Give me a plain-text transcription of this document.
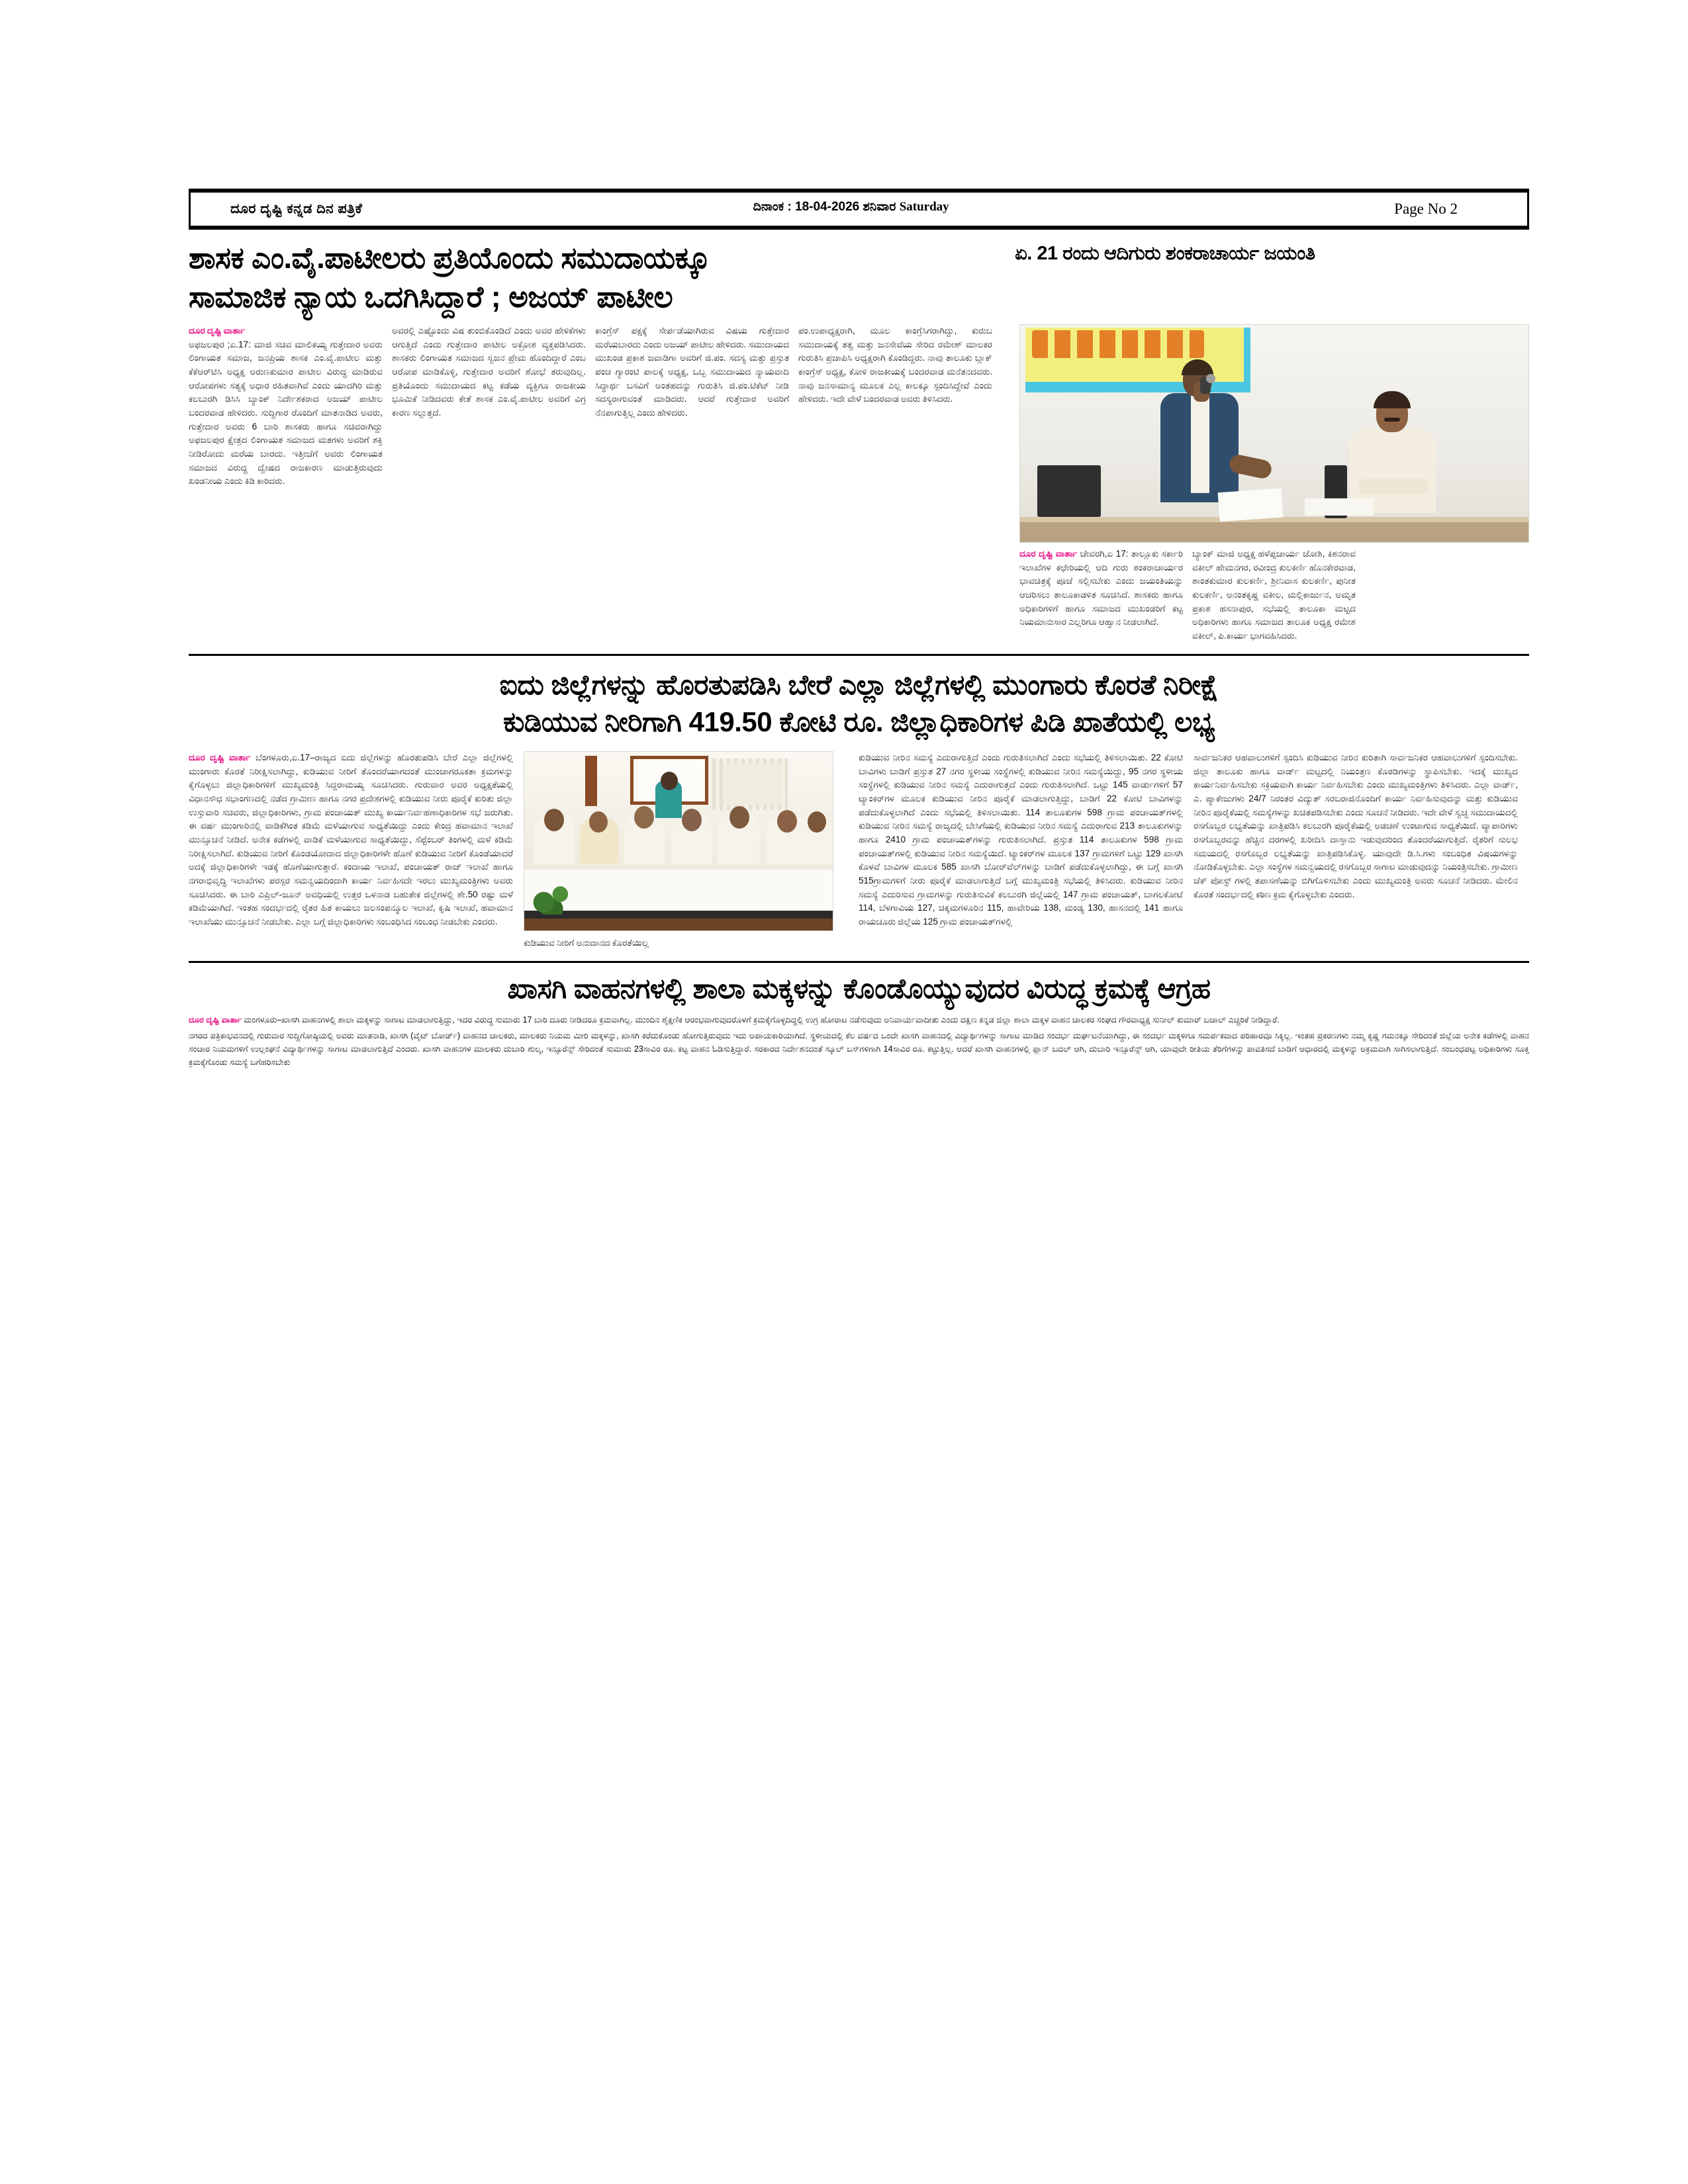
ದೂರ ದೃಷ್ಟಿ ಕನ್ನಡ ದಿನ ಪತ್ರಿಕೆ	ದಿನಾಂಕ : 18-04-2026 ಶನಿವಾರ Saturday	Page No 2
ಶಾಸಕ ಎಂ.ವೈ.ಪಾಟೀಲರು ಪ್ರತಿಯೊಂದು ಸಮುದಾಯಕ್ಕೂ
ಸಾಮಾಜಿಕ ನ್ಯಾಯ ಒದಗಿಸಿದ್ದಾರೆ ; ಅಜಯ್ ಪಾಟೀಲ
ಏ. 21 ರಂದು ಆದಿಗುರು ಶಂಕರಾಚಾರ್ಯ ಜಯಂತಿ
ದೂರ ದೃಷ್ಟಿ ವಾರ್ತಾ
ಅಫಜಲಪುರ ;ಏ.17: ಮಾಜಿ ಸಚಿವ ಮಾಲಿಕಯ್ಯ ಗುತ್ತೇದಾರ ಅವರು ಲಿಂಗಾಯತ ಸಮಾಜ, ಜನಪ್ರಿಯ ಶಾಸಕ ಎಂ.ವೈ.ಪಾಟೀಲ ಮತ್ತು ಕೆಕೆಆರ್‌ಟಿಸಿ ಅಧ್ಯಕ್ಷ ಅರುಣಕುಮಾರ ಪಾಟೀಲ ವಿರುದ್ಧ ಮಾಡಿರುವ ಆರೋಪಗಳು ಸತ್ಯಕ್ಕೆ ಅಧಾರ ರಹಿತವಾಗಿವೆ ಎಂದು ಯಾದಗಿರಿ ಮತ್ತು ಕಲಬುರಗಿ ಡಿಸಿಸಿ ಬ್ಯಾಂಕ್ ನಿರ್ದೇಶಕರಾದ ಅಜಯ್ ಪಾಟೀಲ ಬಂದರವಾಡ ಹೇಳಿದರು. ಸುದ್ದಿಗಾರ ರೊಂದಿಗೆ ಮಾತನಾಡಿದ ಅವರು, ಗುತ್ತೇದಾರ ಅವರು 6 ಬಾರಿ ಶಾಸಕರು ಹಾಗೂ ಸಚಿವರಾಗಿದ್ದು ಅಫಜಲಪುರ ಕ್ಷೇತ್ರದ ಲಿಂಗಾಯತ ಸಮಾಜದ ಮತಗಳು ಅವರಿಗೆ ಶಕ್ತಿ ನೀಡಿರೋದು ಮರೆಯ ಬಾರದು. ಇತ್ತೀಚೆಗೆ ಅವರು ಲಿಂಗಾಯತ ಸಮಾಜದ ವಿರುದ್ಧ ದ್ವೇಷದ ರಾಜಕಾರಣ ಮಾಡುತ್ತಿರುವುದು ಖಂಡನೀಯ ಎಂದು ಕಿಡಿ ಕಾರಿದರು.
ಅವರಲ್ಲಿ ಎಷ್ಟೊಂದು ವಿಷ ತುಂಬಿಕೊಂಡಿದೆ ಎಂದು ಅವರ ಹೇಳಿಕೆಗಳು ಆಗುತ್ತಿದೆ ಎಂದು ಗುತ್ತೇದಾರ ಪಾಟೀಲ ಅಕ್ರೋಶ ವ್ಯಕ್ತಪಡಿಸಿದರು. ಶಾಸಕರು ಲಿಂಗಾಯತ ಸಮಾಜದ ಸ್ವಜನ ಪ್ರೇಮ ಹೊಂದಿದ್ದಾರೆ ಎಂಬ ಆರೋಪ ಮಾಡಿಕೊಳ್ಳಿ, ಗುತ್ತೇದಾರ ಅವರಿಗೆ ಶೋಭೆ ತರುವುದಿಲ್ಲ. ಪ್ರತಿಯೊಂದು ಸಮುದಾಯದ ಕಟ್ಟ ಕಡೆಯ ವ್ಯಕ್ತಿಗೂ ರಾಜಕೀಯ ಭೂಮಿಕೆ ನೀಡಿದವರು ಕೇತೆ ಶಾಸಕ ಎಂ.ವೈ.ಪಾಟೀಲ ಅವರಿಗೆ ವಿಗ್ರ ಕಾರಣ ಸಲ್ಲುತ್ತದೆ.
ಕಾಂಗ್ರೆಸ್ ಪಕ್ಷಕ್ಕೆ ಸೇರ್ಪಡೆಯಾಗಿರುವ ವಿಷಯ ಗುತ್ತೇದಾರ ಮರೆಯಬಾರದು ಎಂದು ಅಜಯ್ ಪಾಟೀಲ ಹೇಳಿದರು. ಸಮುದಾಯದ ಮುಖಂಡ ಪ್ರಕಾಶ ಜವಾಡಿಗಾ ಅವರಿಗೆ ಜಿ.ಪಂ. ಸದಸ್ಯ ಮತ್ತು ಪ್ರಸ್ತುತ ಪಂಚ ಗ್ಯಾರಂಟಿ ಪಾಲಕ್ಕೆ ಅಧ್ಯಕ್ಷ, ಒಬ್ಬ ಸಮುದಾಯದ ನ್ಯಾಯವಾದಿ ಸಿದ್ಧಾರ್ಥ ಬಸವಿಗೆ ಅಂತಹದನ್ನು ಗುರುತಿಸಿ ಜಿ.ಪಂ.ಟಿಕೆಟ್ ನೀಡಿ ಸದಸ್ಯರಾಗುವಂತೆ ಮಾಡಿದರು. ಆದರೆ ಗುತ್ತೇದಾರ ಅವರಿಗೆ ನೆನಪಾಗುತ್ತಿಲ್ಲ ಎಂದು ಹೇಳಿದರು.
ಪಂ.ಉಪಾಧ್ಯಕ್ಷರಾಗಿ, ಮೂಲ ಕಾಂಗ್ರೆಸಿಗರಾಗಿದ್ದು, ಕುರುಬ ಸಮುದಾಯಕ್ಕೆ ತತ್ವ ಮತ್ತು ಜನಸೇವೆಯ ಸೇರಿದ ರಮೇಶ್ ಮಾಲಕರ ಗುರುತಿಸಿ ಪ್ರಜಾಪಿಸಿ ಅಧ್ಯಕ್ಷರಾಗಿ ಕೊಂಡಿದ್ದರು. ನಾವು ತಾಲೂಕು ಬ್ಲಾಕ್ ಕಾಂಗ್ರೆಸ್ ಅಧ್ಯಕ್ಷ, ಕೋಳಿ ರಾಜಕೀಯಕ್ಕೆ ಬಂದರವಾಡ ಮನೆತನದವರು. ನಾವು ಜನಸಾಮಾನ್ಯ ಮೂಲಕ ಎಲ್ಲ ಕಾಲಕ್ಕೂ ಸ್ಪಂದಿಸಿದ್ದೇವೆ ಎಂದು ಹೇಳಿದರು. ಇದೇ ವೇಳೆ ಬಂದರವಾಡ ಅವರು ತಿಳಿಸಿದರು.
ದೂರ ದೃಷ್ಟಿ ವಾರ್ತಾ ಚೇವರಗಿ,ಏ 17: ತಾಲ್ಲೂಕು ಸರ್ಕಾರಿ ಇಲಾಖೆಗಳ ಕಛೇರಿಯಲ್ಲಿ ಆದಿ ಗುರು ಶಂಕರಾಚಾರ್ಯರ ಭಾವಚಿತ್ರಕ್ಕೆ ಪೂಜೆ ಸಲ್ಲಿಸಬೇಕು ಎಂದು ಜಯಂತಿಯನ್ನು ಆಚರಿಸಲು ತಾಲೂಕಾಡಳಿತ ಸೂಚಿಸಿದೆ. ಶಾಸಕರು ಹಾಗೂ ಅಧಿಕಾರಿಗಳಿಗೆ ಹಾಗೂ ಸಮಾಜದ ಮುಖಂಡರಿಗೆ ಕಟ್ಟ ನಿಯಮಾನುಸಾರ ಎಲ್ಲರಿಗೂ ಆಹ್ವಾನ ನೀಡಲಾಗಿದೆ.
ಬ್ಯಾಂಕ್ ಮಾಜಿ ಅಧ್ಯಕ್ಷ ಹಳೆಪ್ಪಚಾರ್ಯ ಜೋಶಿ, ಕಿಶನರಾವ ವಕೀಲ್ ಹೇಮನಗರ, ರವೀಂದ್ರ ಕುಲಕರ್ಣಿ ಹೊನಕೇರವಾಡ, ಶಾಂತಕುಮಾರ ಕುಲಕರ್ಣಿ, ಶ್ರೀನಿವಾಸ ಕುಲಕರ್ಣಿ, ಪುನೀತ ಕುಲಕರ್ಣಿ, ಅನಂತಕೃಷ್ಣ ವಕೀಲ, ಮಲ್ಲಿಕಾರ್ಜುನ, ಅಮೃತ ಪ್ರಕಾಶ ಹಸನಾಪುರ, ಸಭೆಯಲ್ಲಿ ತಾಲೂಕಾ ಮಟ್ಟದ ಅಧಿಕಾರಿಗಳು ಹಾಗೂ ಸಮಾಜದ ತಾಲೂಕ ಅಧ್ಯಕ್ಷ ರಮೇಶ ವಕೀಲ್, ಪಿ.ಕಾರ್ಯ ಭಾಗವಹಿಸಿದರು.
ಐದು ಜಿಲ್ಲೆಗಳನ್ನು ಹೊರತುಪಡಿಸಿ ಬೇರೆ ಎಲ್ಲಾ ಜಿಲ್ಲೆಗಳಲ್ಲಿ ಮುಂಗಾರು ಕೊರತೆ ನಿರೀಕ್ಷೆ
ಕುಡಿಯುವ ನೀರಿಗಾಗಿ 419.50 ಕೋಟಿ ರೂ. ಜಿಲ್ಲಾಧಿಕಾರಿಗಳ ಪಿಡಿ ಖಾತೆಯಲ್ಲಿ ಲಭ್ಯ
ದೂರ ದೃಷ್ಟಿ ವಾರ್ತಾ ಬೆಂಗಳೂರು,ಏ.17–ರಾಜ್ಯದ ಐದು ಜಿಲ್ಲೆಗಳನ್ನು ಹೊರತುಪಡಿಸಿ ಬೇರೆ ಎಲ್ಲಾ ಜಿಲ್ಲೆಗಳಲ್ಲಿ ಮುಂಗಾರು ಕೊರತೆ ನಿರೀಕ್ಷಿಸಲಾಗಿದ್ದು, ಕುಡಿಯುವ ನೀರಿಗೆ ತೊಂದರೆಯಾಗದಂತೆ ಮುಂಜಾಗರೂಕತಾ ಕ್ರಮಗಳನ್ನು ಕೈಗೊಳ್ಳಲು ಜಿಲ್ಲಾಧಿಕಾರಿಗಳಿಗೆ ಮುಖ್ಯಮಂತ್ರಿ ಸಿದ್ದರಾಮಯ್ಯ ಸೂಚಿಸಿದರು. ಗುರುವಾರ ಅವರ ಅಧ್ಯಕ್ಷತೆಯಲ್ಲಿ ವಿಧಾನಸೌಧ ಸಭಾಂಗಣದಲ್ಲಿ ನಡೆದ ಗ್ರಾಮೀಣ ಹಾಗೂ ನಗರ ಪ್ರದೇಶಗಳಲ್ಲಿ ಕುಡಿಯುವ ನೀರು ಪೂರೈಕೆ ಕುರಿತು ಜಿಲ್ಲಾ ಉಸ್ತುವಾರಿ ಸಚಿವರು, ಜಿಲ್ಲಾಧಿಕಾರಿಗಳು, ಗ್ರಾಮ ಪಂಚಾಯತ್ ಮುಖ್ಯ ಕಾರ್ಯನಿರ್ವಹಣಾಧಿಕಾರಿಗಳ ಸಭೆ ಜರುಗಿತು. ಈ ವರ್ಷ ಮುಂಗಾರಿನಲ್ಲಿ ವಾಡಿಕೆಗಿಂತ ಕಡಿಮೆ ಮಳೆಯಾಗುವ ಸಾಧ್ಯತೆಯಿದ್ದು ಎಂದು ಕೇಂದ್ರ ಹವಾಮಾನ ಇಲಾಖೆ ಮುನ್ಸೂಚನೆ ನೀಡಿದೆ. ಅನೇಕ ಕಡೆಗಳಲ್ಲಿ ವಾಡಿಕೆ ಮಳೆಯಾಗುವ ಸಾಧ್ಯತೆಯಿದ್ದು, ಸೆಪ್ಟೆಂಬರ್ ತಿಂಗಳಲ್ಲಿ ಮಳೆ ಕಡಿಮೆ ನಿರೀಕ್ಷಿಸಲಾಗಿದೆ. ಕುಡಿಯುವ ನೀರಿಗೆ ಕೊಂಡಯೋದಾದ ಜಿಲ್ಲಾಧಿಕಾರಿಗಳೇ ಹೊಣೆ ಕುಡಿಯುವ ನೀರಿಗೆ ಕೊಂಡೆಯಾದರೆ ಅದಕ್ಕೆ ಜಿಲ್ಲಾಧಿಕಾರಿಗಳೇ ಇಡಕ್ಕೆ ಹೊಣೆಯಾಗುತ್ತಾರೆ. ಕಂದಾಯ ಇಲಾಖೆ, ಪಂಚಾಯತ್ ರಾಜ್ ಇಲಾಖೆ ಹಾಗೂ ನಗರಾಭಿವೃದ್ಧಿ ಇಲಾಖೆಗಳು ಪರಸ್ಪರ ಸಮನ್ವಯದಿಂದಾಗಿ ಕಾರ್ಯ ನಿರ್ವಹಿಸದೇ ಇರಲು ಮುಖ್ಯಮಂತ್ರಿಗಳು ಅವರು ಸೂಚಿಸಿದರು. ಈ ಬಾರಿ ಎಪ್ರಿಲ್-ಜೂನ್ ಅವಧಿಯಲ್ಲಿ ಉತ್ತರ ಒಳನಾಡ ಬಹುತೇಕ ಜಿಲ್ಲೆಗಳಲ್ಲಿ ಶೇ.50 ರಷ್ಟು ಮಳೆ ಕಡಿಮೆಯಾಗಿದೆ. ಇಂತಹ ಸಂದರ್ಭದಲ್ಲಿ ರೈತರ ಹಿತ ಕಾಯಲು ಜಲಸಂಪನ್ಮೂಲ ಇಲಾಖೆ, ಕೃಷಿ ಇಲಾಖೆ, ಹವಾಮಾನ ಇಲಾಖೆಯು ಮುನ್ಸೂಚನೆ ನೀಡಬೇಕು. ಎಲ್ಲಾ ಬಗ್ಗೆ ಜಿಲ್ಲಾಧಿಕಾರಿಗಳು ಸಂಬಂಧಿಸಿದ ಸಂಬಂಧ ನೀಡಬೇಕು ಎಂದರು.
ಕುಡಿಯುವ ನೀರಿಗೆ ಅನುದಾನದ ಕೊರತೆಯಿಲ್ಲ
ಕುಡಿಯುವ ನೀರಿನ ಸಮಸ್ಯೆ ಎದುರಾಗುತ್ತಿದೆ ಎಂದು ಗುರುತಿಸಲಾಗಿದೆ ಎಂದು ಸಭೆಯಲ್ಲಿ ತಿಳಿಸಲಾಯಿತು. 22 ಕೋಟಿ ಬಾವಿಗಳು ಬಾಡಿಗೆ ಪ್ರಸ್ತುತ 27 ನಗರ ಸ್ಥಳೀಯ ಸಂಸ್ಥೆಗಳಲ್ಲಿ ಕುಡಿಯುವ ನೀರಿನ ಸಮಸ್ಯೆಯಿದ್ದು, 95 ನಗರ ಸ್ಥಳೀಯ ಸಂಸ್ಥೆಗಳಲ್ಲಿ ಕುಡಿಯುವ ನೀರಿನ ಸಮಸ್ಯೆ ಎದುರಾಗುತ್ತದೆ ಎಂದು ಗುರುತಿಸಲಾಗಿದೆ. ಒಟ್ಟು 145 ವಾರ್ಡುಗಳಿಗೆ 57 ಟ್ಯಾಂಕರ್‌ಗಳ ಮೂಲಕ ಕುಡಿಯುವ ನೀರಿನ ಪೂರೈಕೆ ಮಾಡಲಾಗುತ್ತಿದ್ದು, ಬಾಡಿಗೆ 22 ಕೋಟಿ ಬಾವಿಗಳನ್ನು ಪಡೆದುಕೊಳ್ಳಲಾಗಿದೆ ಎಂದು ಸಭೆಯಲ್ಲಿ ತಿಳಿಸಲಾಯಿತು. 114 ತಾಲೂಕುಗಳ 598 ಗ್ರಾಮ ಪಂಚಾಯತ್‌ಗಳಲ್ಲಿ ಕುಡಿಯುವ ನೀರಿನ ಸಮಸ್ಯೆ ರಾಜ್ಯದಲ್ಲಿ ಬೇಸಿಗೆಯಲ್ಲಿ ಕುಡಿಯುವ ನೀರಿನ ಸಮಸ್ಯೆ ಎದುರಾಗುವ 213 ತಾಲೂಕುಗಳನ್ನು ಹಾಗೂ 2410 ಗ್ರಾಮ ಪಂಚಾಯತ್‌ಗಳನ್ನು ಗುರುತಿಸಲಾಗಿದೆ. ಪ್ರಸ್ತುತ 114 ತಾಲೂಕುಗಳ 598 ಗ್ರಾಮ ಪಂಚಾಯತ್‌ಗಳಲ್ಲಿ ಕುಡಿಯುವ ನೀರಿನ ಸಮಸ್ಯೆಯಿದೆ. ಟ್ಯಾಂಕರ್‌ಗಳ ಮೂಲಕ 137 ಗ್ರಾಮಗಳಿಗೆ ಒಟ್ಟು 129 ಖಾಸಗಿ ಕೊಳವೆ ಬಾವಿಗಳ ಮೂಲಕ 585 ಖಾಸಗಿ ಬೋರ್‌ವೆಲ್‌ಗಳನ್ನು ಬಾಡಿಗೆ ಪಡೆದುಕೊಳ್ಳಲಾಗಿದ್ದು, ಈ ಬಗ್ಗೆ ಖಾಸಗಿ 515ಗ್ರಾಮಗಳಿಗೆ ನೀರು ಪೂರೈಕೆ ಮಾಡಲಾಗುತ್ತಿದೆ ಬಗ್ಗೆ ಮುಖ್ಯಮಂತ್ರಿ ಸಭೆಯಲ್ಲಿ ತಿಳಿಸಿದರು. ಕುಡಿಯುವ ನೀರಿನ ಸಮಸ್ಯೆ ಎದುರಿಸುವ ಗ್ರಾಮಗಳನ್ನು ಗುರುತಿಸುವಿಕೆ ಕಲಬುರಗಿ ಜಿಲ್ಲೆಯಲ್ಲಿ 147 ಗ್ರಾಮ ಪಂಚಾಯತ್, ಬಾಗಲಕೋಟೆ 114, ಬೆಳಗಾವಿಯ 127, ಚಿಕ್ಕಮಗಳೂರಿನ 115, ಹಾವೇರಿಯ 138, ಮಂಡ್ಯ 130, ಹಾಸನದಲ್ಲಿ 141 ಹಾಗೂ ರಾಯಚೂರು ಜಿಲ್ಲೆಯ 125 ಗ್ರಾಮ ಪಂಚಾಯತ್‌ಗಳಲ್ಲಿ
ಸಾರ್ವಜನಿಕರ ಆಹವಾಲುಗಳಿಗೆ ಸ್ಪಂದಿಸಿ ಕುಡಿಯುವ ನೀರಿನ ಕುರಿತಾಗಿ ಸಾರ್ವಜನಿಕರ ಆಹವಾಲುಗಳಿಗೆ ಸ್ಪಂದಿಸಬೇಕು. ಜಿಲ್ಲಾ ತಾಲೂಕು ಹಾಗೂ ವಾರ್ಡ್ ಮಟ್ಟದಲ್ಲಿ ನಿಯಂತ್ರಣ ಕೊಠಡಿಗಳನ್ನು ಸ್ಥಾಪಿಸಬೇಕು. ಇದಕ್ಕೆ ಮುಖ್ಯದ ಕಾರ್ಯನಿರ್ವಹಿಸಬೇಕು ಸಕ್ರಿಯವಾಗಿ ಕಾರ್ಯ ನಿರ್ವಹಿಸಬೇಕು ಎಂದು ಮುಖ್ಯಮಂತ್ರಿಗಳು ತಿಳಿಸಿದರು. ಎಲ್ಲಾ ವಾರ್ಡ್, ಎ. ಪ್ಯಾಕೇಜುಗಳು 24/7 ನಿರಂತರ ವಿದ್ಯುತ್ ಸರಬರಾಜಿನೊಂದಿಗೆ ಕಾರ್ಯ ನಿರ್ವಹಿಸುವುದನ್ನು ಮತ್ತು ಕುಡಿಯುವ ನೀರಿನ ಪೂರೈಕೆಯಲ್ಲಿ ಸಮಸ್ಯೆಗಳನ್ನು ಖಚಿತಪಡಿಸಬೇಕು ಎಂದು ಸೂಚನೆ ನೀಡಿದರು. ಇದೇ ವೇಳೆ ಸ್ವಚ್ಛ ಸಮುದಾಯದಲ್ಲಿ ರಸಗೊಬ್ಬರ ಲಭ್ಯತೆಯನ್ನು ಖಾತ್ರಿಪಡಿಸಿ ಕಲಬುರಗಿ ಪೂರೈಕೆಯಲ್ಲಿ ಅಡಚಣೆ ಉಂಟಾಗುವ ಸಾಧ್ಯತೆಯಿದೆ. ವ್ಯಾಪಾರಿಗಳು ರಸಗೊಬ್ಬರವನ್ನು ಹೆಚ್ಚಿನ ದರಗಳಲ್ಲಿ ಖರೀದಿಸಿ ದಾಸ್ತಾನು ಇಡುವುದರಿಂದ ತೊಂದರೆಯಾಗುತ್ತಿದೆ. ರೈತರಿಗೆ ಸುಲಭ ಸಮಯದಲ್ಲಿ ರಸಗೊಬ್ಬರ ಲಭ್ಯತೆಯನ್ನು ಖಾತ್ರಿಪಡಿಸಿಕೊಳ್ಳಿ. ಯಾವುದೇ ಡಿ.ಸಿ.ಗಳು ಸಂಬಂಧಿತ ವಿಷಯಗಳನ್ನು ನೋಡಿಕೊಳ್ಳಬೇಕು. ಎಲ್ಲಾ ಸಂಸ್ಥೆಗಳ ಸಮನ್ವಯದಲ್ಲಿ ರಸಗೊಬ್ಬರ ಸಾಗಾಟ ಮಾಡುವುದನ್ನು ನಿಯಂತ್ರಿಸಬೇಕು. ಗ್ರಾಮೀಣ ಚೆಕ್ ಪೋಸ್ಟ್ ಗಳಲ್ಲಿ ತಪಾಸಣೆಯನ್ನು ಬಿಗಿಗೊಳಿಸಬೇಕು ಎಂದು ಮುಖ್ಯಮಂತ್ರಿ ಅವರು ಸೂಚನೆ ನೀಡಿದರು. ಮೇಲಿನ ಕೊರತೆ ಸಂದರ್ಭದಲ್ಲಿ ಕಠಿಣ ಕ್ರಮ ಕೈಗೊಳ್ಳಬೇಕು ಎಂದರು.
ಖಾಸಗಿ ವಾಹನಗಳಲ್ಲಿ ಶಾಲಾ ಮಕ್ಕಳನ್ನು ಕೊಂಡೊಯ್ಯುವುದರ ವಿರುದ್ಧ ಕ್ರಮಕ್ಕೆ ಆಗ್ರಹ

ದೂರ ದೃಷ್ಟಿ ವಾರ್ತಾ ಮಂಗಳೂರು–ಖಾಸಗಿ ವಾಹನಗಳಲ್ಲಿ ಶಾಲಾ ಮಕ್ಕಳನ್ನು ಸಾಗಾಟ ಮಾಡಲಾಗುತ್ತಿದ್ದು, ಇದರ ವಿರುದ್ಧ ಸುಮಾರು 17 ಬಾರಿ ದೂರು ನೀಡಿದರೂ ಕ್ರಮವಾಗಿಲ್ಲ. ಮುಂದಿನ ಶೈಕ್ಷಣಿಕ ಆರಂಭವಾಗುವುದರೊಳಗೆ ಕ್ರಮಕ್ಕೆಗೊಳ್ಳದಿದ್ದಲ್ಲಿ ಉಗ್ರ ಹೋರಾಟ ನಡೆಸುವುದು ಅನಿವಾರ್ಯವಾದೀತು ಎಂದು ದಕ್ಷಿಣ ಕನ್ನಡ ಜಿಲ್ಲಾ ಶಾಲಾ ಮಕ್ಕಳ ವಾಹನ ಚಾಲಕರ ಸಂಘದ ಗೌರವಾಧ್ಯಕ್ಷ ಸುನೀಲ್ ಕುಮಾರ್ ಬಜಾಲ್ ಎಚ್ಚರಿಕೆ ನೀಡಿದ್ದಾರೆ.

ನಗರದ ಪತ್ರಿಕಾಭವನದಲ್ಲಿ ಗುರುವಾರ ಸುದ್ದಿಗೋಷ್ಠಿಯಲ್ಲಿ ಅವರು ಮಾತನಾಡಿ, ಖಾಸಗಿ (ವೈಟ್ ಬೋರ್ಡ್) ವಾಹನದ ಚಾಲಕರು, ಮಾಲಕರು ನಿಯಮ ಮೀರಿ ಮಕ್ಕಳನ್ನು, ಖಾಸಗಿ ಕರೆದುಕೊಂಡು ಹೋಗುತ್ತಿರುವುದು ಇದು ಅಪಾಯಕಾರಿಯಾಗಿದೆ. ಸ್ಥಳೀಯದಲ್ಲಿ ಕೆಲ ವರ್ಷದ ಒಂದೇ ಖಾಸಗಿ ವಾಹನದಲ್ಲಿ ವಿದ್ಯಾರ್ಥಿಗಳನ್ನು ಸಾಗಾಟ ಮಾಡಿದ ಸಂದರ್ಭ ದುರ್ಘಟನೆಯಾಗಿದ್ದು, ಈ ಸಂದರ್ಭ ಮಕ್ಕಳಿಗೂ ಸಮರ್ಪಕವಾದ ಪರಿಹಾರವೂ ಸಿಕ್ಕಿಲ್ಲ. ಇಂತಹ ಪ್ರಕರಣಗಳು ನಮ್ಮ ಕೃಷ್ಣ ಗಮನಕ್ಕೂ ಸೇರಿದಂತೆ ಜಿಲ್ಲೆಯ ಅನೇಕ ಕಡೆಗಳಲ್ಲಿ ವಾಹನ ಸಂಚಾರ ನಿಯಮಗಳಿಗೆ ಉಲ್ಲಂಘನೆ ವಿದ್ಯಾರ್ಥಿಗಳನ್ನು ಸಾಗಾಟ ಮಾಡಲಾಗುತ್ತಿದೆ ಎಂದರು. ಖಾಸಗಿ ವಾಹನಗಳ ಮಾಲಕರು ದುಬಾರಿ ಶುಲ್ಕ, ಇನ್ಸೂರೆನ್ಸ್ ಸೇರಿದಂತೆ ಸುಮಾರು 23ಸಾವಿರ ರೂ. ಕಟ್ಟ ವಾಹನ ಓಡಿಸುತ್ತಿದ್ದಾರೆ. ಸರಕಾರದ ನಿರ್ದೇಶನದಂತೆ ಸ್ಕೂಲ್ ಬಸ್‌ಗಳಿಗಾಗಿ 14ಸಾವಿರ ರೂ. ಕಟ್ಟುತ್ತಿಲ್ಲ. ಆದರೆ ಖಾಸಗಿ ವಾಹನಗಳಲ್ಲಿ ಪ್ಲಾನ್ ಬದಲ್ ಆಗಿ, ದುಬಾರಿ ಇನ್ಸೂರೆನ್ಸ್ ಆಗಿ, ಯಾವುದೇ ರೀತಿಯ ತೆರಿಗೆಗಳನ್ನು ಪಾವತಿಸದೆ ಬಾಡಿಗೆ ಆಧಾರದಲ್ಲಿ ಮಕ್ಕಳನ್ನು ಅಕ್ರಮವಾಗಿ ಸಾಗಿಸಲಾಗುತ್ತಿದೆ. ಸಂಬಂಧಪಟ್ಟ ಅಧಿಕಾರಿಗಳು ಸೂಕ್ತ ಕ್ರಮಕ್ಕೆಗೊಂಡು ಸಮಸ್ಯೆ ಬಗೆಹರಿಸಬೇಕು
